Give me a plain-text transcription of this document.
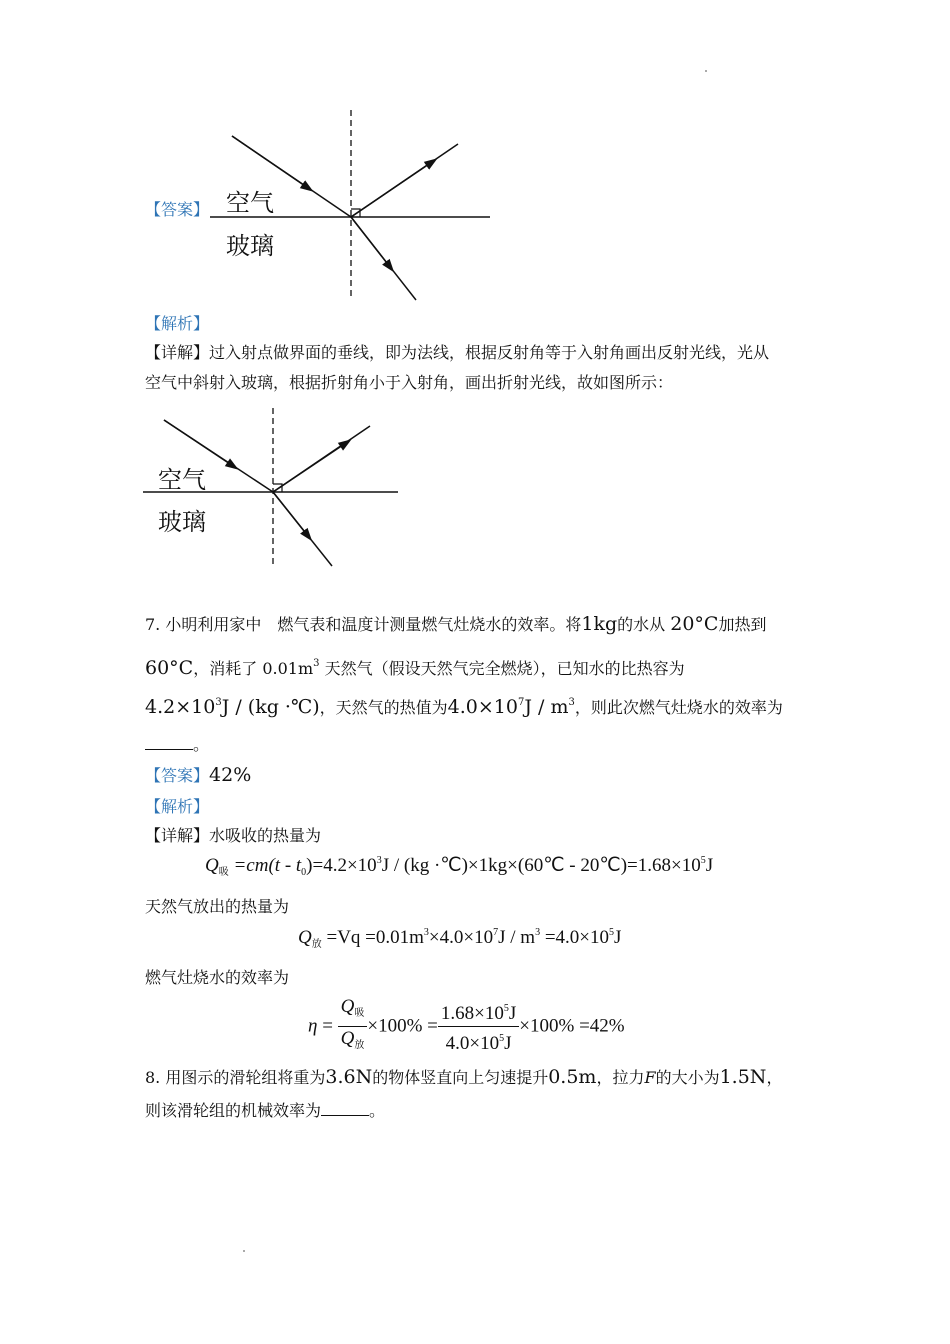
【答案】 空气
玻璃
【解析】
【详解】过入射点做界面的垂线，即为法线，根据反射角等于入射角画出反射光线，光从
空气中斜射入玻璃，根据折射角小于入射角，画出折射光线，故如图所示：
空气
玻璃
7. 小明利用家中　燃气表和温度计测量燃气灶烧水的效率。将1kg的水从 20°C加热到
60°C，消耗了 $0.01m^3$ 天然气（假设天然气完全燃烧），已知水的比热容为
$4.2\times 10^3J / (kg$ ·℃)，天然气的热值为$4.0\times 10^7J / m^3$，则此次燃气灶烧水的效率为
。
【答案】42%
【解析】
【详解】水吸收的热量为
$Q_吸 =cm(t - t_0)=4.2\times 10^3J / (kg$ ·℃)×1kg×(60℃ - $20℃)=1.68\times 10^5J$
天然气放出的热量为
$Q_放 =Vq =0.01m^3\times 4.0\times 10^7J / m^3 =4.0\times 10^5J$
燃气灶烧水的效率为
$\eta = \frac{Q_吸}{Q_放} \times 100\% = \frac{1.68\times 10^5J}{4.0\times 10^5J} \times 100\% =42\%$
8. 用图示的滑轮组将重为3.6N的物体竖直向上匀速提升0.5m，拉力F的大小为1.5N，
则该滑轮组的机械效率为	。
